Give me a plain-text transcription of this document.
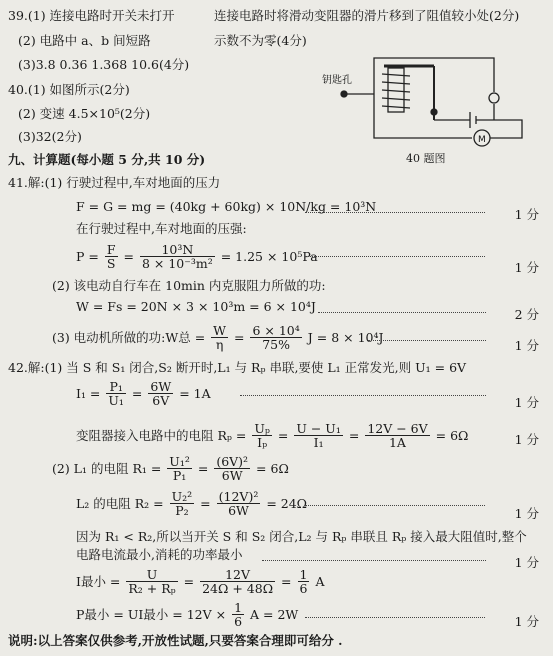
39.(1) 连接电路时开关未打开	连接电路时将滑动变阻器的滑片移到了阻值较小处(2分)
(2) 电路中 a、b 间短路	示数不为零(4分)
(3)3.8 0.36 1.368 10.6(4分)
40.(1) 如图所示(2分)
(2) 变速 4.5×10⁵(2分)
(3)32(2分)
钥匙孔
M
40 题图
九、计算题(每小题 5 分,共 10 分)
41.解:(1) 行驶过程中,车对地面的压力
F = G = mg = (40kg + 60kg) × 10N/kg = 10³N
1 分
在行驶过程中,车对地面的压强:
$P = \frac{F}{S} = \frac{\text{10³N}}{\text{8 × 10⁻³m²}} = 1.25 \times 10^5Pa$
1 分
(2) 该电动自行车在 10min 内克服阻力所做的功:
W = Fs = 20N × 3 × 10³m = 6 × 10⁴J
2 分
(3) 电动机所做的功:W总 = $\frac{W}{\eta} = \frac{\text{6 × 10⁴}}{75\%}$ J = 8 × 10⁴J
1 分
42.解:(1) 当 S 和 S₁ 闭合,S₂ 断开时,L₁ 与 Rₚ 串联,要使 L₁ 正常发光,则 U₁ = 6V
$I_1 = \frac{\text{P₁}}{\text{U₁}} = \frac{6W}{6V} = 1A$
1 分
变阻器接入电路中的电阻 $R_p = \frac{\text{Uₚ}}{\text{Iₚ}} = \frac{\text{U − U₁}}{\text{I₁}} = \frac{12V - 6V}{1A} = 6\Omega$	1 分
(2) L₁ 的电阻 $R_1 = \frac{\text{U₁²}}{\text{P₁}} = \frac{\text{(6V)²}}{6W} = 6\Omega$
L₂ 的电阻 $R_2 = \frac{\text{U₂²}}{\text{P₂}} = \frac{\text{(12V)²}}{6W} = 24\Omega$
1 分
因为 R₁ < R₂,所以当开关 S 和 S₂ 闭合,L₂ 与 Rₚ 串联且 Rₚ 接入最大阻值时,整个
电路电流最小,消耗的功率最小
1 分
I最小 = $\frac{U}{\text{R₂ + Rₚ}} = \frac{12V}{24\Omega + 48\Omega} = \frac{1}{6}$ A
P最小 = UI最小 = $12V \times \frac{1}{6}$ A = 2W	1 分
说明:以上答案仅供参考,开放性试题,只要答案合理即可给分 .
